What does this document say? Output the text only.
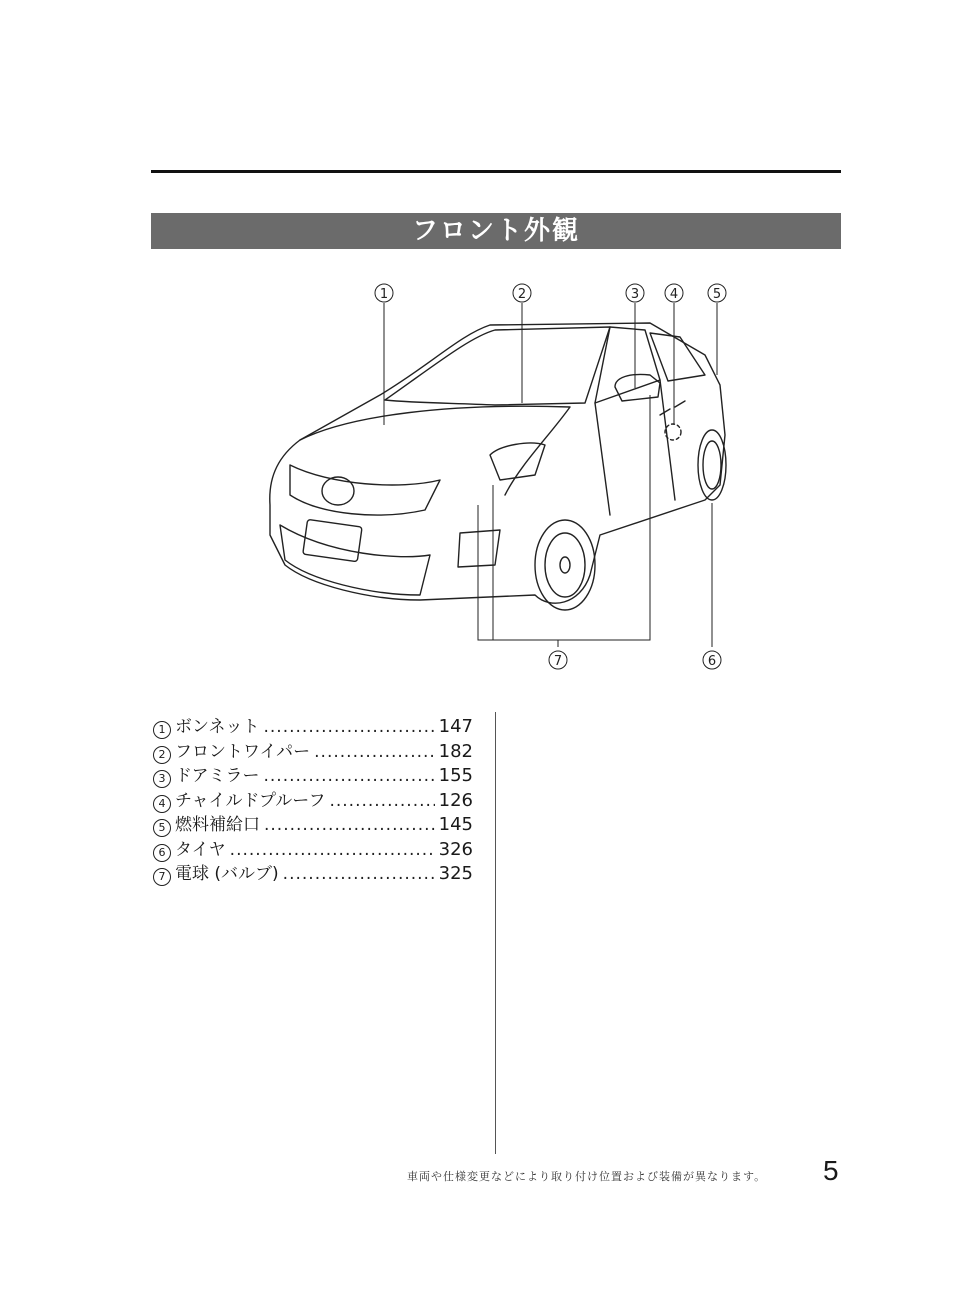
フロント外観
1	2	3 4	5
6
7
1 ボンネット .....	147
2 フロントワイパー .....	182
3 ドアミラー .....	155
4 チャイルドプルーフ .....	126
5 燃料補給口 .....	145
6 タイヤ .....	326
7 電球 (バルブ) .....	325
車両や仕様変更などにより取り付け位置および装備が異なります。 5
